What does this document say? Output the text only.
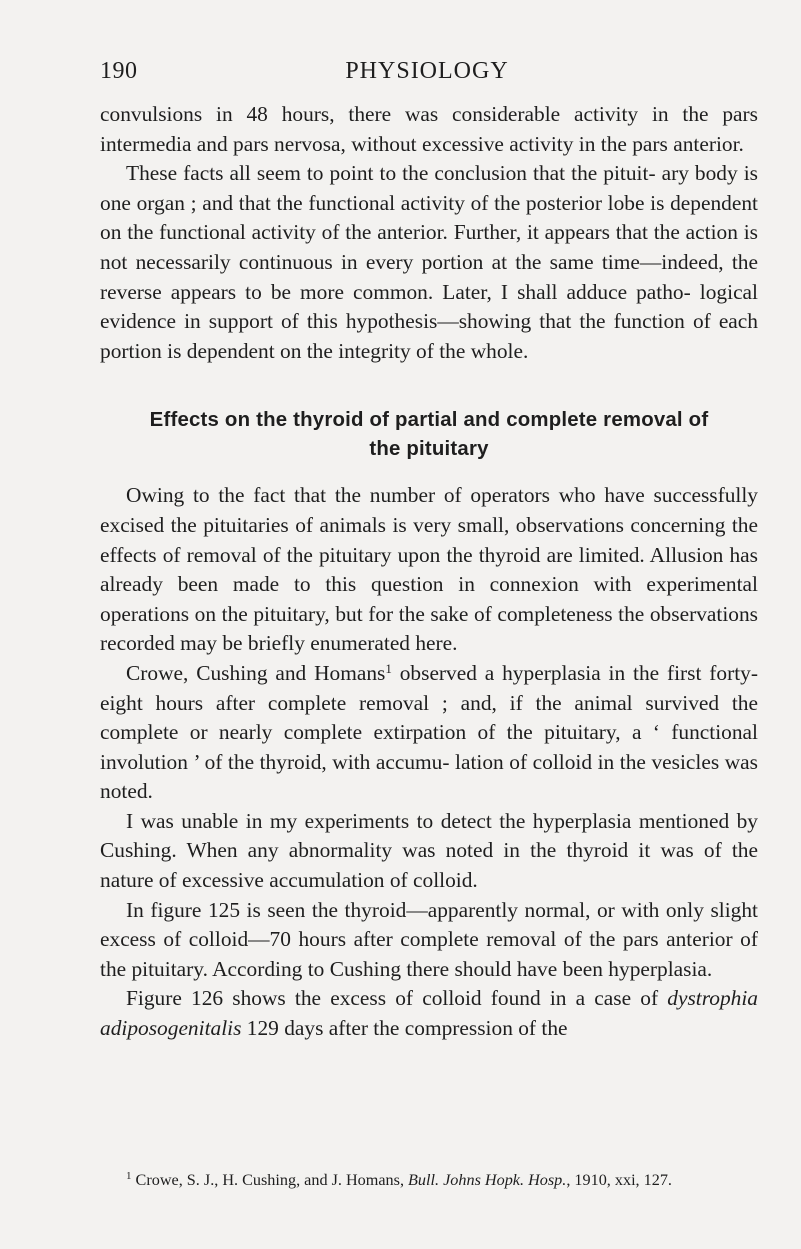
190	PHYSIOLOGY

convulsions in 48 hours, there was considerable activity in the pars intermedia and pars nervosa, without excessive activity in the pars anterior.

These facts all seem to point to the conclusion that the pituit- ary body is one organ ; and that the functional activity of the posterior lobe is dependent on the functional activity of the anterior. Further, it appears that the action is not necessarily continuous in every portion at the same time—indeed, the reverse appears to be more common. Later, I shall adduce patho- logical evidence in support of this hypothesis—showing that the function of each portion is dependent on the integrity of the whole.

Effects on the thyroid of partial and complete removal of
the pituitary

Owing to the fact that the number of operators who have successfully excised the pituitaries of animals is very small, observations concerning the effects of removal of the pituitary upon the thyroid are limited. Allusion has already been made to this question in connexion with experimental operations on the pituitary, but for the sake of completeness the observations recorded may be briefly enumerated here.

Crowe, Cushing and Homans$^1$ observed a hyperplasia in the first forty-eight hours after complete removal ; and, if the animal survived the complete or nearly complete extirpation of the pituitary, a ‘ functional involution ’ of the thyroid, with accumu- lation of colloid in the vesicles was noted.

I was unable in my experiments to detect the hyperplasia mentioned by Cushing. When any abnormality was noted in the thyroid it was of the nature of excessive accumulation of colloid.

In figure 125 is seen the thyroid—apparently normal, or with only slight excess of colloid—70 hours after complete removal of the pars anterior of the pituitary. According to Cushing there should have been hyperplasia.

Figure 126 shows the excess of colloid found in a case of dystrophia adiposogenitalis 129 days after the compression of the

$^1$ Crowe, S. J., H. Cushing, and J. Homans, Bull. Johns Hopk. Hosp., 1910, xxi, 127.
